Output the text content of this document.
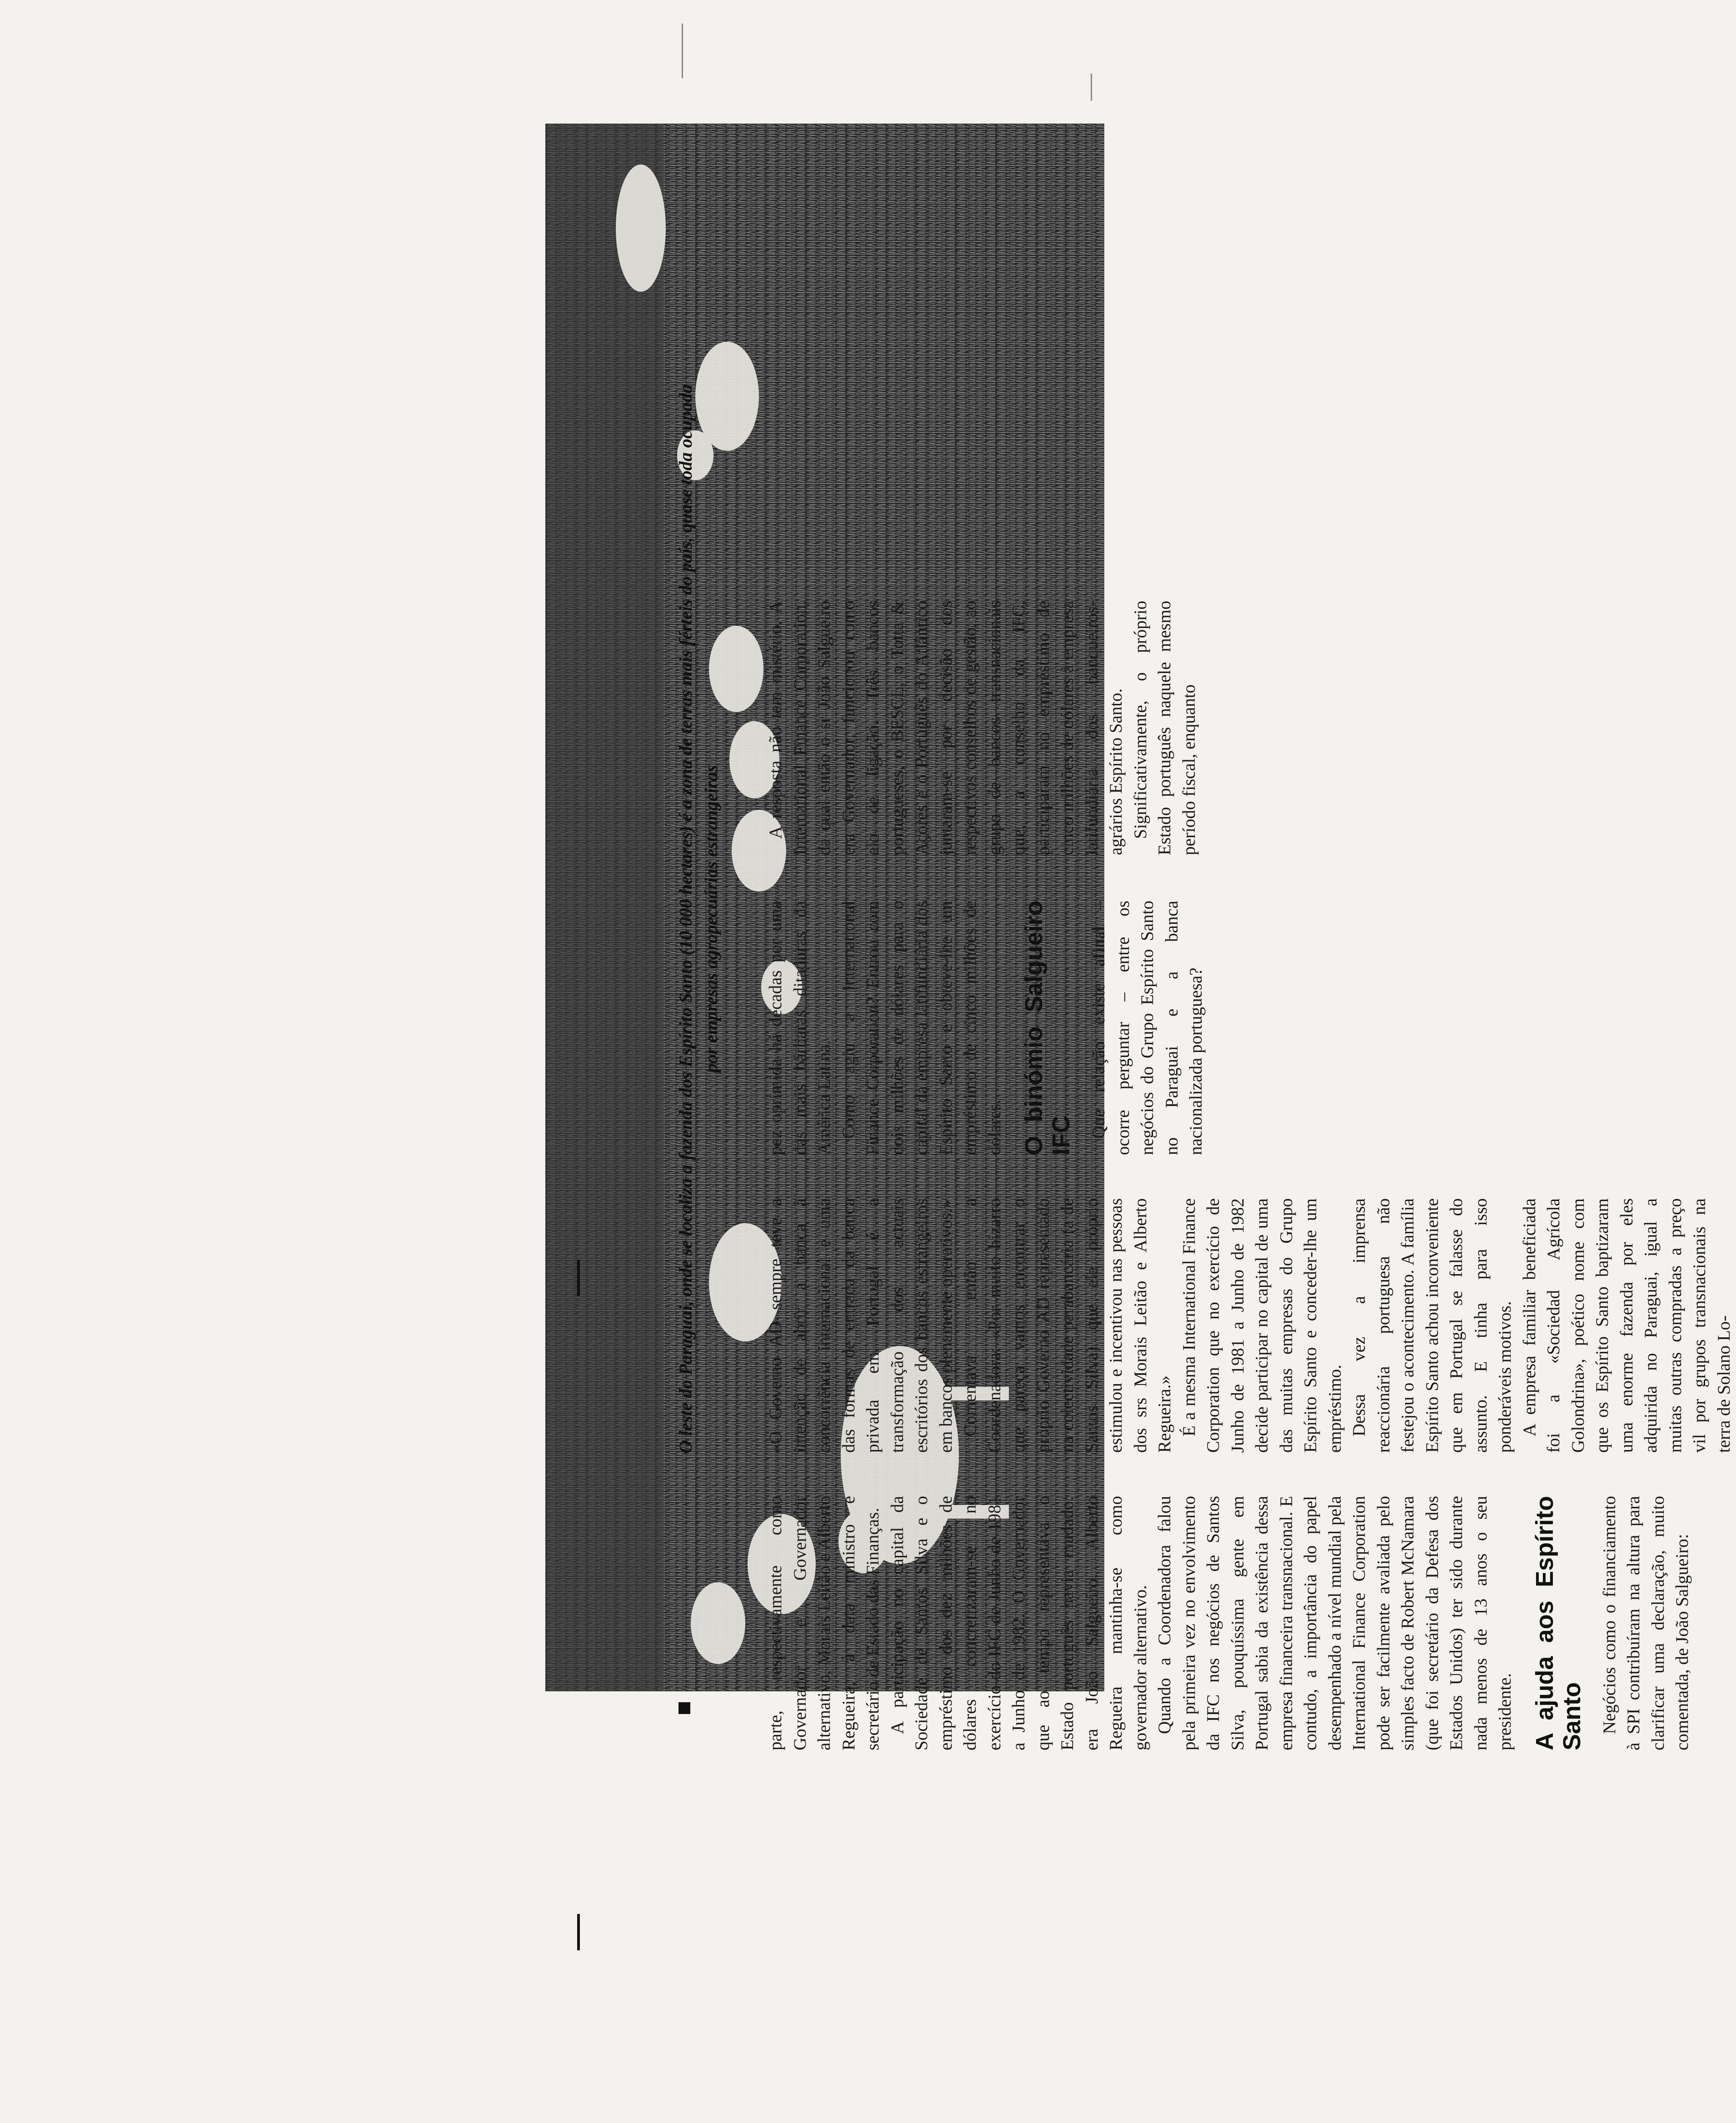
O leste do Paraguai, onde se localiza a fazenda dos Espírito Santo (10 000 hectares) é a zona de terras mais férteis do país, quase toda ocupada por empresas agropecuárias estrangeiras

parte, respectivamente como Governador e Governador alternativo, Morais Leitão e Alberto Regueira, à data ministro e secretário de Estado das Finanças. A participação no capital da Sociedade de Santos Silva e o empréstimo dos dez milhões de dólares concretizaram-se no exercício do IFC de Junho de 1981 a Junho de 1982. O Governador que ao tempo representava o Estado português havia mudado: era João Salgueiro. Alberto Regueira mantinha-se como governador alternativo. Quando a Coordenadora falou pela primeira vez no envolvimento da IFC nos negócios de Santos Silva, pouquíssima gente em Portugal sabia da existência dessa empresa financeira transnacional. E contudo, a importância do papel desempenhado a nível mundial pela International Finance Corporation pode ser facilmente avaliada pelo simples facto de Robert McNamara (que foi secretário da Defesa dos Estados Unidos) ter sido durante nada menos de 13 anos o seu presidente. A ajuda aos Espírito Santo Negócios como o financiamento à SPI contribuíram na altura para clarificar uma declaração, muito comentada, de João Salgueiro:

«O Governo AD sempre teve a intenção de abrir a banca à concorrência internacional e uma das formas de entrada da banca privada em Portugal é a transformação dos actuais escritórios dos bancos estrangeiros em bancos plenamente operativos.» Comentava então a Coordenadora: «Por muito bizarro que pareça vamos encontrar o próprio Governo AD representado na colectividade parabancária (a de Santos Silva) que ele próprio estimulou e incentivou nas pessoas dos srs Morais Leitão e Alberto Regueira.» É a mesma International Finance Corporation que no exercício de Junho de 1981 a Junho de 1982 decide participar no capital de uma das muitas empresas do Grupo Espírito Santo e conceder-lhe um empréstimo. Dessa vez a imprensa reaccionária portuguesa não festejou o acontecimento. A família Espírito Santo achou inconveniente que em Portugal se falasse do assunto. E tinha para isso ponderáveis motivos. A empresa familiar beneficiada foi a «Sociedad Agrícola Golondrina», poético nome com que os Espírito Santo baptizaram uma enorme fazenda por eles adquirida no Paraguai, igual a muitas outras compradas a preço vil por grupos transnacionais na terra de Solano Lo-

pez oprimida há décadas por uma das mais bárbaras ditaduras da América Latina. Como agiu a International Finance Corporation? Entrou com dois milhões de dólares para o capital da empresa latifundiária dos Espírito Santo e obteve-lhe um empréstimo de cinco milhões de dólares. O binómio Salgueiro IFC Que relação existe afinal – ocorre perguntar – entre os negócios do Grupo Espírito Santo no Paraguai e a banca nacionalizada portuguesa?

A resposta não tem mistério. A International Finance Corporation, da qual então o sr João Salgueiro era Governador, funcionou como elo de ligação. Três bancos portugueses, o BESCL, o Totta & Açores e o Português do Atlântico juntaram-se por decisão dos respectivos conselhos de gestão, ao grupo de bancos transnacionais que, a conselho da IFC, participaram no empréstimo de cinco milhões de dólares à empresa latifundiária dos banqueiros-agrários Espírito Santo. Significativamente, o próprio Estado português naquele mesmo período fiscal, enquanto
